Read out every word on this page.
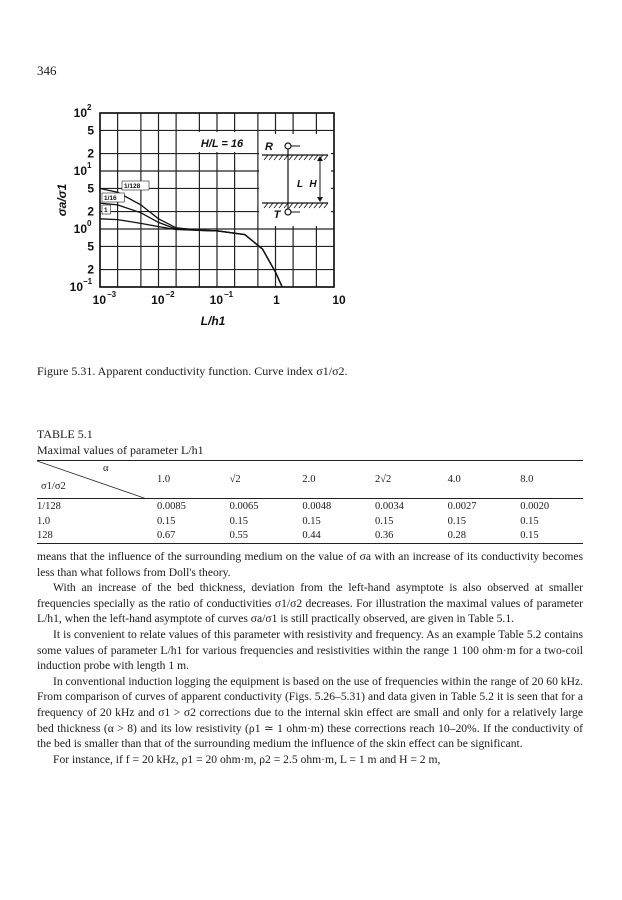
346
10 2
5
2
10 1
5
2
10 0
5
2
10 −1
10 −3	10 −2	10 −1	1	10
L/h1
σa/σ1
H/L = 16
1/128
1/16
1
R
T
L H
Figure 5.31. Apparent conductivity function. Curve index σ1/σ2.
TABLE 5.1
Maximal values of parameter L/h1
α
σ1/σ2	1.0	√2	2.0	2√2	4.0	8.0
1/128	0.0085	0.0065	0.0048	0.0034	0.0027	0.0020
1.0	0.15	0.15	0.15	0.15	0.15	0.15
128	0.67	0.55	0.44	0.36	0.28	0.15

means that the influence of the surrounding medium on the value of σa with an increase of its conductivity becomes less than what follows from Doll's theory.

With an increase of the bed thickness, deviation from the left-hand asymptote is also observed at smaller frequencies specially as the ratio of conductivities σ1/σ2 decreases. For illustration the maximal values of parameter L/h1, when the left-hand asymptote of curves σa/σ1 is still practically observed, are given in Table 5.1.

It is convenient to relate values of this parameter with resistivity and frequency. As an example Table 5.2 contains some values of parameter L/h1 for various frequencies and resistivities within the range 1 100 ohm·m for a two-coil induction probe with length 1 m.

In conventional induction logging the equipment is based on the use of frequencies within the range of 20 60 kHz. From comparison of curves of apparent conductivity (Figs. 5.26–5.31) and data given in Table 5.2 it is seen that for a frequency of 20 kHz and σ1 > σ2 corrections due to the internal skin effect are small and only for a relatively large bed thickness (α > 8) and its low resistivity (ρ1 ≃ 1 ohm·m) these corrections reach 10–20%. If the conductivity of the bed is smaller than that of the surrounding medium the influence of the skin effect can be significant.

For instance, if f = 20 kHz, ρ1 = 20 ohm·m, ρ2 = 2.5 ohm·m, L = 1 m and H = 2 m,
